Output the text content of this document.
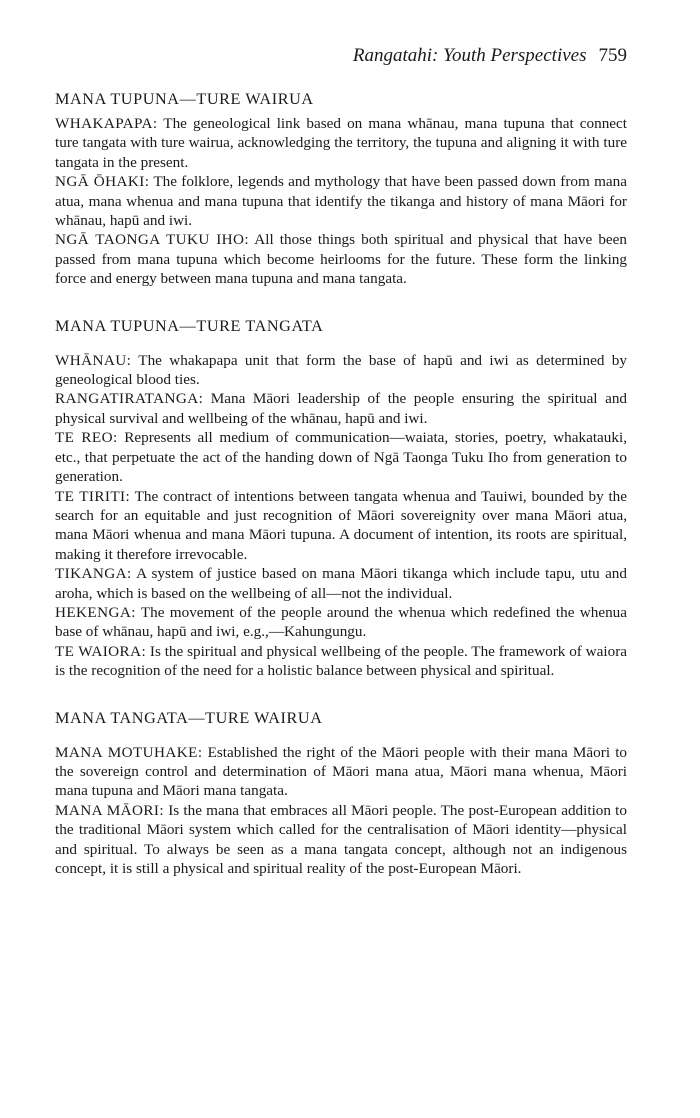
Rangatahi: Youth Perspectives 759
MANA TUPUNA—TURE WAIRUA

WHAKAPAPA: The geneological link based on mana whānau, mana tupuna that connect ture tangata with ture wairua, acknowledging the territory, the tupuna and aligning it with ture tangata in the present.

NGĀ ŌHAKI: The folklore, legends and mythology that have been passed down from mana atua, mana whenua and mana tupuna that identify the tikanga and history of mana Māori for whānau, hapū and iwi.

NGĀ TAONGA TUKU IHO: All those things both spiritual and physical that have been passed from mana tupuna which become heirlooms for the future. These form the linking force and energy between mana tupuna and mana tangata.

MANA TUPUNA—TURE TANGATA

WHĀNAU: The whakapapa unit that form the base of hapū and iwi as determined by geneological blood ties.

RANGATIRATANGA: Mana Māori leadership of the people ensuring the spiritual and physical survival and wellbeing of the whānau, hapū and iwi.

TE REO: Represents all medium of communication—waiata, stories, poetry, whakatauki, etc., that perpetuate the act of the handing down of Ngā Taonga Tuku Iho from generation to generation.

TE TIRITI: The contract of intentions between tangata whenua and Tauiwi, bounded by the search for an equitable and just recognition of Māori sovereignity over mana Māori atua, mana Māori whenua and mana Māori tupuna. A document of intention, its roots are spiritual, making it therefore irrevocable.

TIKANGA: A system of justice based on mana Māori tikanga which include tapu, utu and aroha, which is based on the wellbeing of all—not the individual.

HEKENGA: The movement of the people around the whenua which redefined the whenua base of whānau, hapū and iwi, e.g.,—Kahungungu.

TE WAIORA: Is the spiritual and physical wellbeing of the people. The framework of waiora is the recognition of the need for a holistic balance between physical and spiritual.

MANA TANGATA—TURE WAIRUA

MANA MOTUHAKE: Established the right of the Māori people with their mana Māori to the sovereign control and determination of Māori mana atua, Māori mana whenua, Māori mana tupuna and Māori mana tangata.

MANA MĀORI: Is the mana that embraces all Māori people. The post-European addition to the traditional Māori system which called for the centralisation of Māori identity—physical and spiritual. To always be seen as a mana tangata concept, although not an indigenous concept, it is still a physical and spiritual reality of the post-European Māori.
